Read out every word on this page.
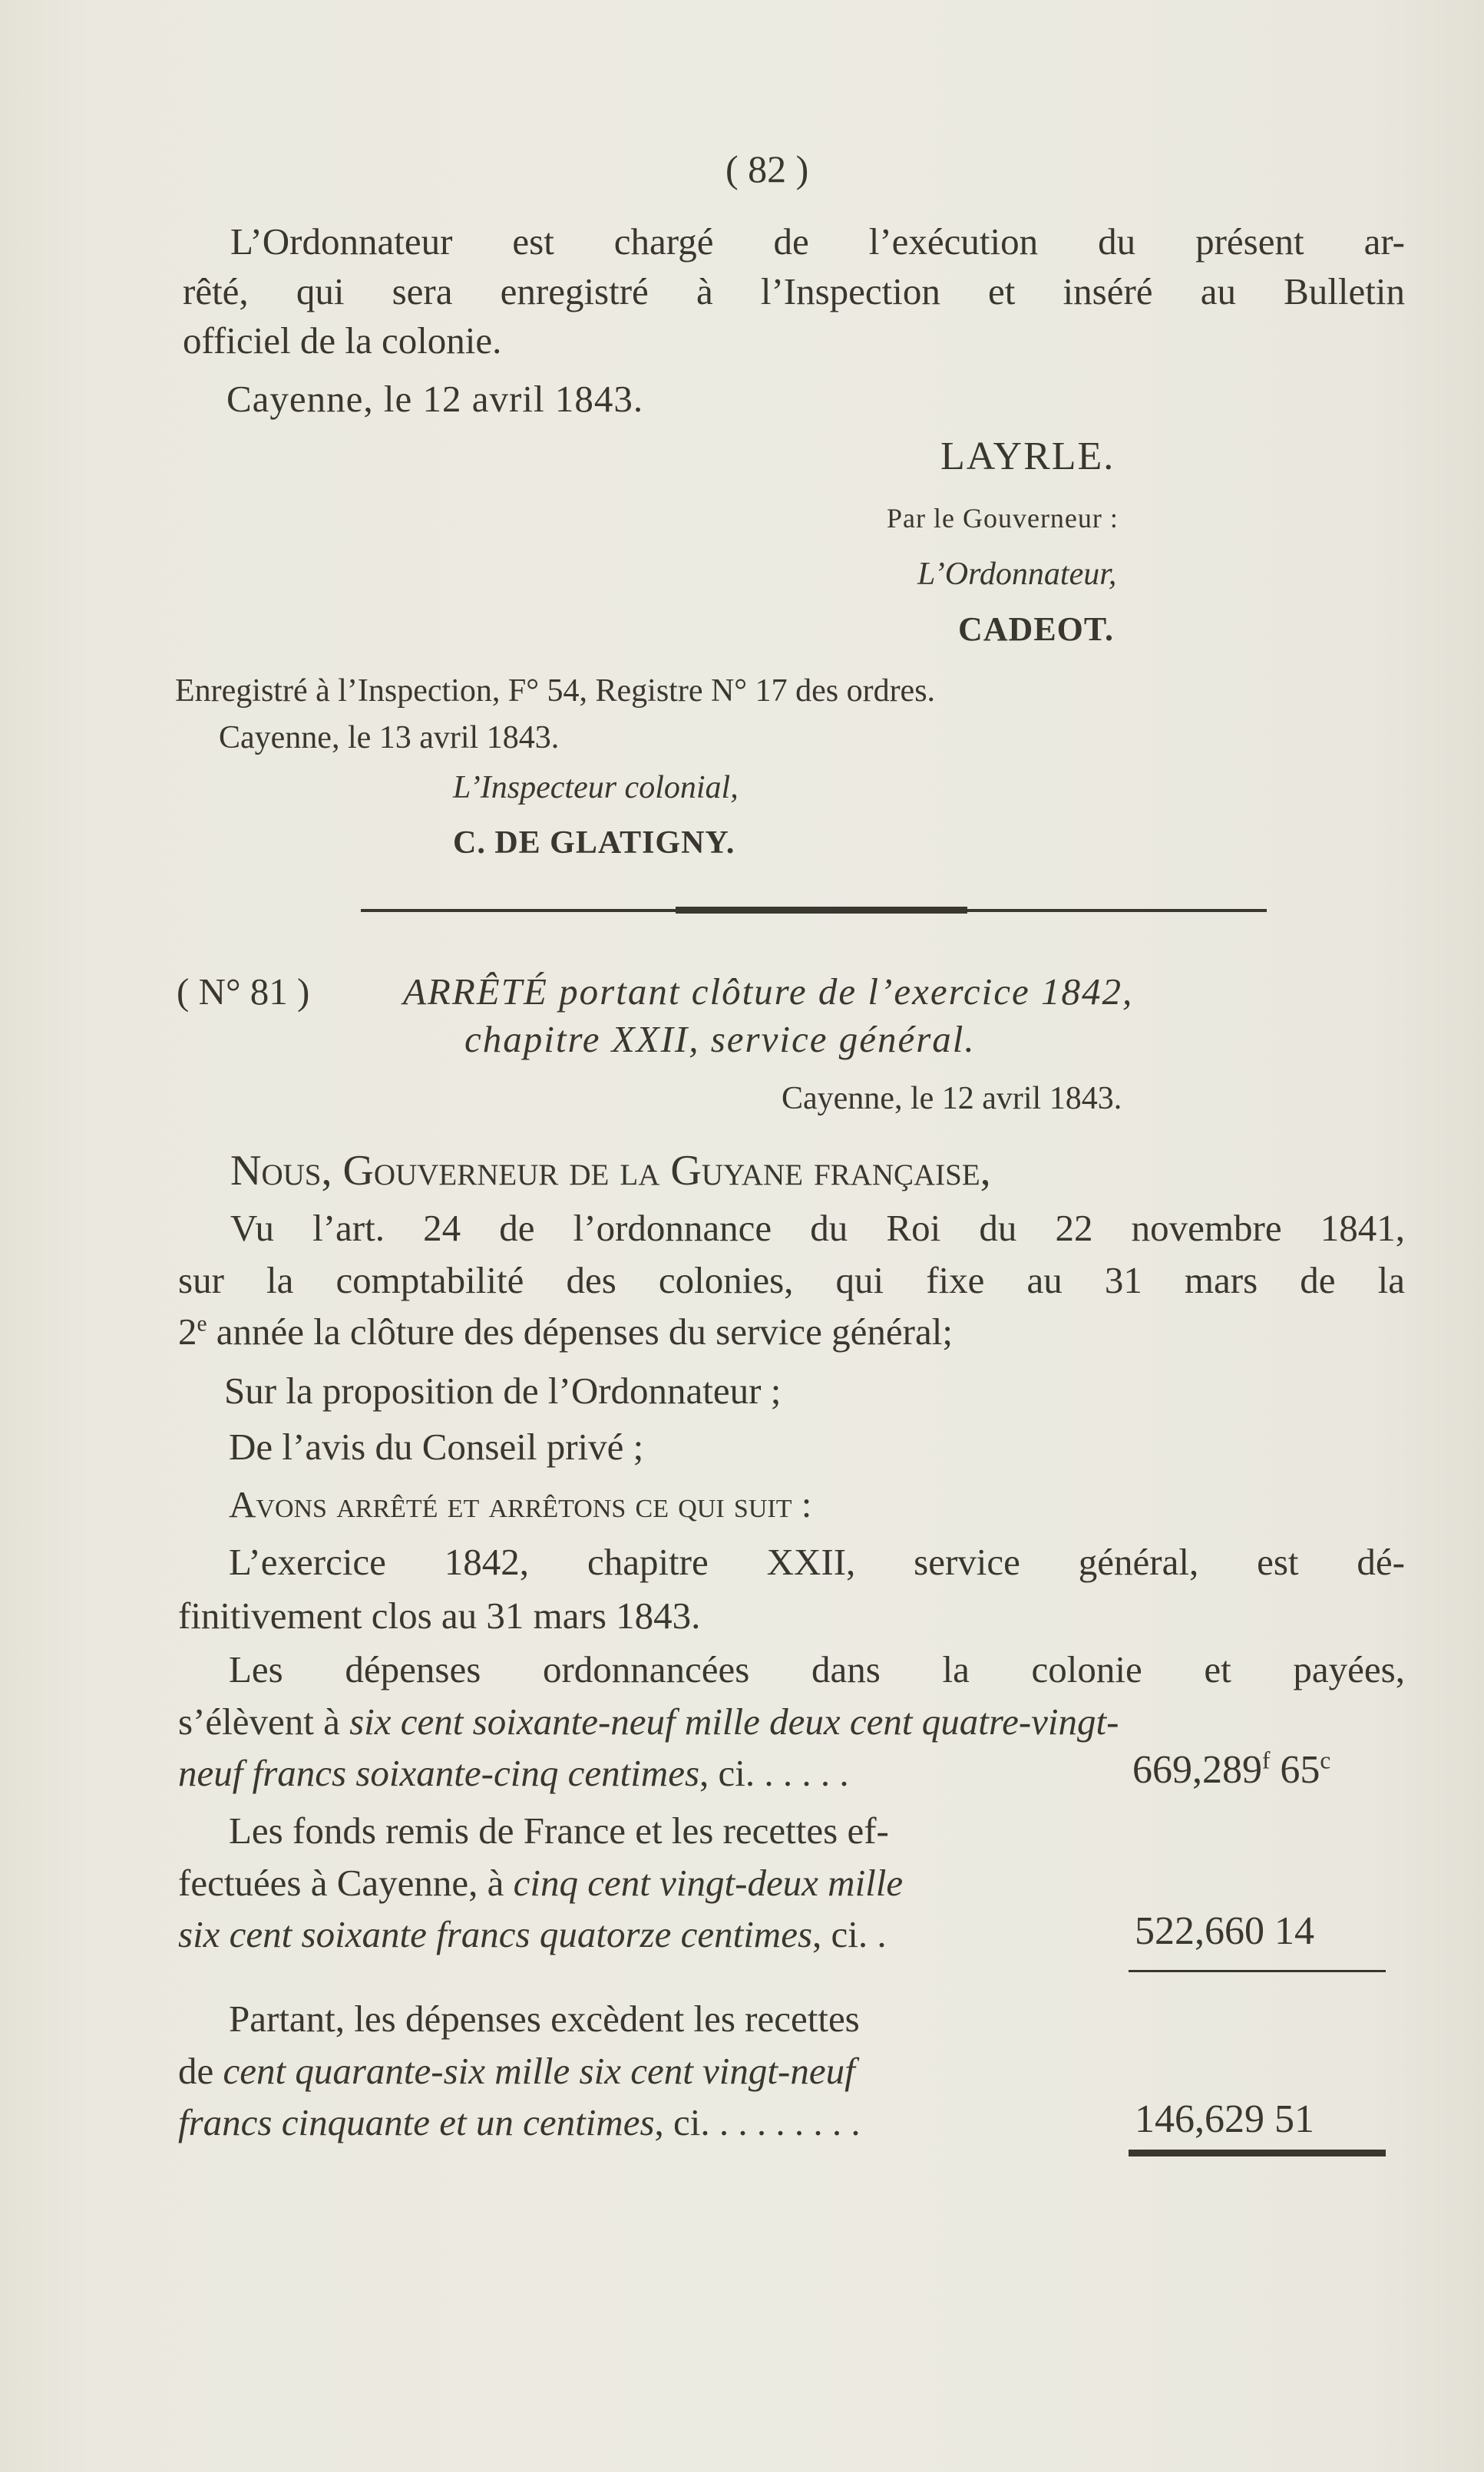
( 82 )
L’Ordonnateur est chargé de l’exécution du présent ar-
rêté, qui sera enregistré à l’Inspection et inséré au Bulletin
officiel de la colonie.
Cayenne, le 12 avril 1843.
LAYRLE.
Par le Gouverneur :
L’Ordonnateur,
CADEOT.
Enregistré à l’Inspection, F° 54, Registre N° 17 des ordres.
Cayenne, le 13 avril 1843.
L’Inspecteur colonial,
C. DE GLATIGNY.
( N° 81 ) ARRÊTÉ portant clôture de l’exercice 1842,
chapitre XXII, service général.
Cayenne, le 12 avril 1843.
Nous, Gouverneur de la Guyane française,
Vu l’art. 24 de l’ordonnance du Roi du 22 novembre 1841,
sur la comptabilité des colonies, qui fixe au 31 mars de la
2e année la clôture des dépenses du service général;
Sur la proposition de l’Ordonnateur ;
De l’avis du Conseil privé ;
Avons arrêté et arrêtons ce qui suit :
L’exercice 1842, chapitre XXII, service général, est dé-
finitivement clos au 31 mars 1843.
Les dépenses ordonnancées dans la colonie et payées,
s’élèvent à six cent soixante-neuf mille deux cent quatre-vingt-
neuf francs soixante-cinq centimes, ci. . . . . .	669,289$^f$ 65$^c$
Les fonds remis de France et les recettes ef-
fectuées à Cayenne, à cinq cent vingt-deux mille
six cent soixante francs quatorze centimes, ci. .	522,660 14
Partant, les dépenses excèdent les recettes
de cent quarante-six mille six cent vingt-neuf
francs cinquante et un centimes, ci. . . . . . . . .	146,629 51
